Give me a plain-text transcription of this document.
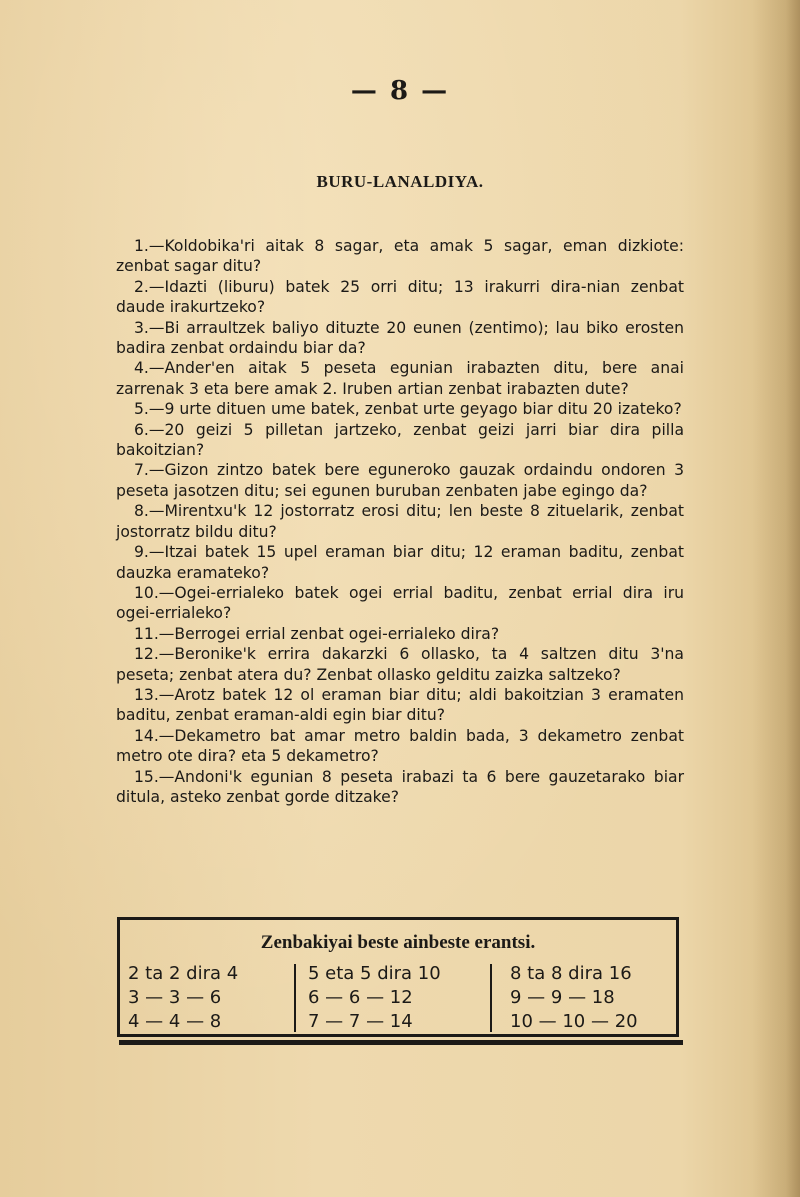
— 8 —
BURU-LANALDIYA.
1.—Koldobika'ri aitak 8 sagar, eta amak 5 sagar, eman dizkiote: zenbat sagar ditu?
2.—Idazti (liburu) batek 25 orri ditu; 13 irakurri dira-nian zenbat daude irakurtzeko?
3.—Bi arraultzek baliyo dituzte 20 eunen (zentimo); lau biko erosten badira zenbat ordaindu biar da?
4.—Ander'en aitak 5 peseta egunian irabazten ditu, bere anai zarrenak 3 eta bere amak 2. Iruben artian zenbat irabazten dute?
5.—9 urte dituen ume batek, zenbat urte geyago biar ditu 20 izateko?
6.—20 geizi 5 pilletan jartzeko, zenbat geizi jarri biar dira pilla bakoitzian?
7.—Gizon zintzo batek bere eguneroko gauzak ordaindu ondoren 3 peseta jasotzen ditu; sei egunen buruban zenbaten jabe egingo da?
8.—Mirentxu'k 12 jostorratz erosi ditu; len beste 8 zituelarik, zenbat jostorratz bildu ditu?
9.—Itzai batek 15 upel eraman biar ditu; 12 eraman baditu, zenbat dauzka eramateko?
10.—Ogei-errialeko batek ogei errial baditu, zenbat errial dira iru ogei-errialeko?
11.—Berrogei errial zenbat ogei-errialeko dira?
12.—Beronike'k errira dakarzki 6 ollasko, ta 4 saltzen ditu 3'na peseta; zenbat atera du? Zenbat ollasko gelditu zaizka saltzeko?
13.—Arotz batek 12 ol eraman biar ditu; aldi bakoitzian 3 eramaten baditu, zenbat eraman-aldi egin biar ditu?
14.—Dekametro bat amar metro baldin bada, 3 dekametro zenbat metro ote dira? eta 5 dekametro?
15.—Andoni'k egunian 8 peseta irabazi ta 6 bere gauzetarako biar ditula, asteko zenbat gorde ditzake?
Zenbakiyai beste ainbeste erantsi.
2 ta 2 dira 4
3 — 3 — 6
4 — 4 — 8
5 eta 5 dira 10
6 — 6 — 12
7 — 7 — 14
8 ta 8 dira 16
9 — 9 — 18
10 — 10 — 20
